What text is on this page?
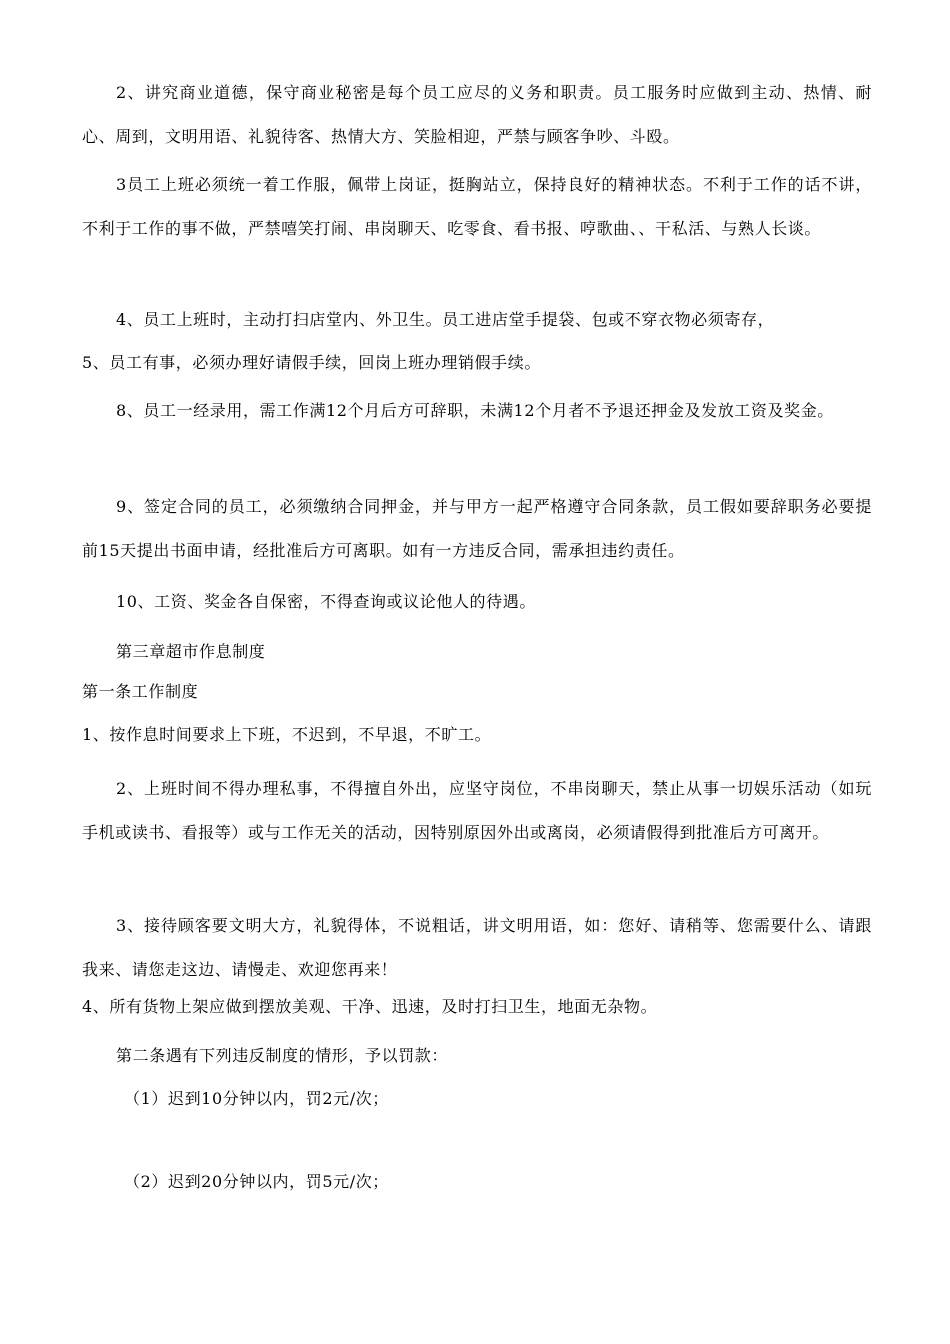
2、讲究商业道德，保守商业秘密是每个员工应尽的义务和职责。员工服务时应做到主动、热情、耐心、周到，文明用语、礼貌待客、热情大方、笑脸相迎，严禁与顾客争吵、斗殴。

3员工上班必须统一着工作服，佩带上岗证，挺胸站立，保持良好的精神状态。不利于工作的话不讲，不利于工作的事不做，严禁嘻笑打闹、串岗聊天、吃零食、看书报、哼歌曲、、干私活、与熟人长谈。

4、员工上班时，主动打扫店堂内、外卫生。员工进店堂手提袋、包或不穿衣物必须寄存，

5、员工有事，必须办理好请假手续，回岗上班办理销假手续。

8、员工一经录用，需工作满12个月后方可辞职，未满12个月者不予退还押金及发放工资及奖金。

9、签定合同的员工，必须缴纳合同押金，并与甲方一起严格遵守合同条款，员工假如要辞职务必要提前15天提出书面申请，经批准后方可离职。如有一方违反合同，需承担违约责任。

10、工资、奖金各自保密，不得查询或议论他人的待遇。

第三章超市作息制度

第一条工作制度

1、按作息时间要求上下班，不迟到，不早退，不旷工。

2、上班时间不得办理私事，不得擅自外出，应坚守岗位，不串岗聊天，禁止从事一切娱乐活动（如玩手机或读书、看报等）或与工作无关的活动，因特别原因外出或离岗，必须请假得到批准后方可离开。

3、接待顾客要文明大方，礼貌得体，不说粗话，讲文明用语，如：您好、请稍等、您需要什么、请跟我来、请您走这边、请慢走、欢迎您再来！

4、所有货物上架应做到摆放美观、干净、迅速，及时打扫卫生，地面无杂物。

第二条遇有下列违反制度的情形，予以罚款：

（1）迟到10分钟以内，罚2元/次；

（2）迟到20分钟以内，罚5元/次；
